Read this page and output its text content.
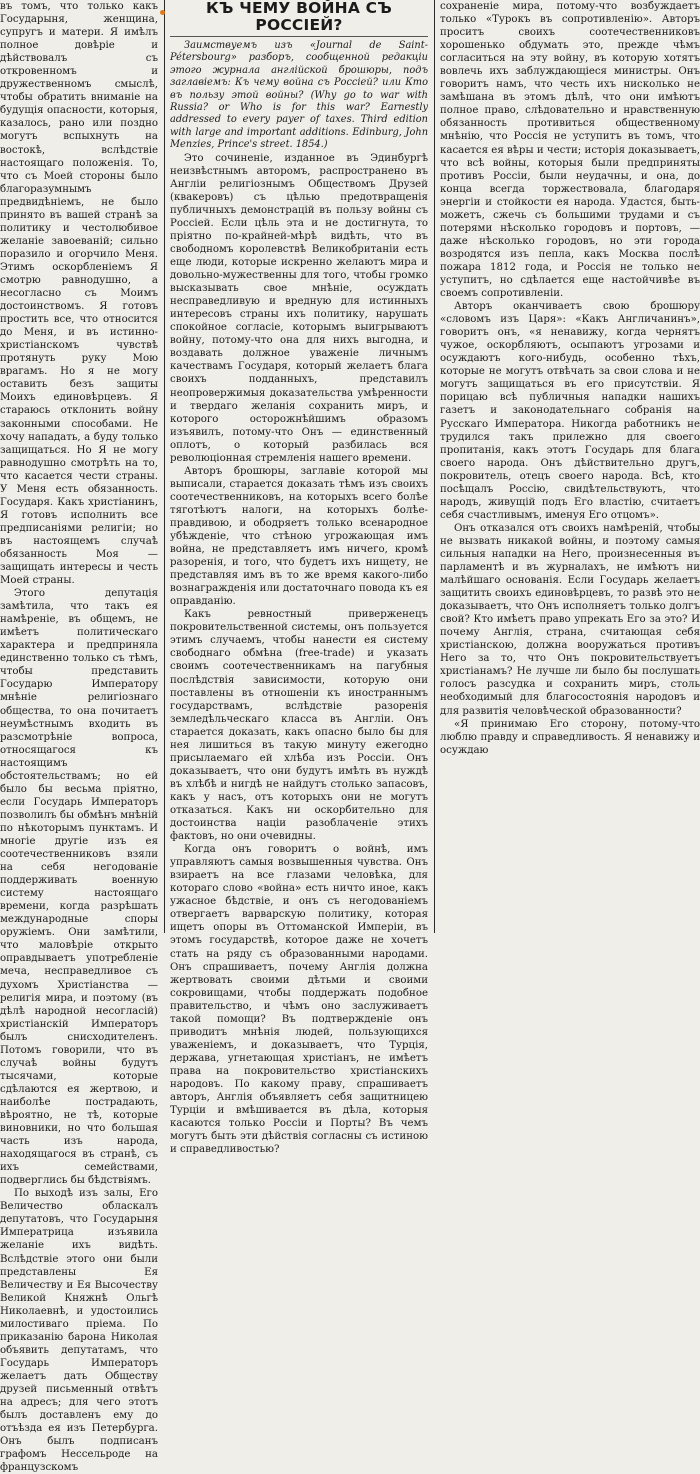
въ томъ, что только какъ Государыня, женщина, супругъ и матери. Я имѣлъ полное довѣріе и дѣйствовалъ съ откровенномъ и дружественномъ смыслѣ, чтобы обратить вниманіе на будущія опасности, которыя, казалось, рано или поздно могутъ вспыхнуть на востокѣ, вслѣдствіе настоящаго положенія. То, что съ Моей стороны было благоразумнымъ предвидѣніемъ, не было принято въ вашей странѣ за политику и честолюбивое желаніе завоеваній; сильно поразило и огорчило Меня. Этимъ оскорбленіемъ Я смотрю равнодушно, а несогласно съ Моимъ достоинствомъ. Я готовъ простить все, что относится до Меня, и въ истинно-христіанскомъ чувствѣ протянуть руку Мою врагамъ. Но я не могу оставить безъ защиты Моихъ единовѣрцевъ. Я стараюсь отклонить войну законными способами. Не хочу нападать, а буду только защищаться. Но Я не могу равнодушно смотрѣть на то, что касается чести страны. У Меня есть обязанность. Государя. Какъ христіанинъ, Я готовъ исполнить все предписаніями религіи; но въ настоящемъ случаѣ обязанность Моя — защищать интересы и честь Моей страны.

Этого депутація замѣтила, что такъ ея намѣреніе, въ общемъ, не имѣетъ политическаго характера и предприняла единственно только съ тѣмъ, чтобы представить Государю Императору мнѣніе религіознаго общества, то она почитаетъ неумѣстнымъ входить въ разсмотрѣніе вопроса, относящагося къ настоящимъ обстоятельствамъ; но ей было бы весьма пріятно, если Государь Императоръ позволилъ бы обмѣнъ мнѣній по нѣкоторымъ пунктамъ. И многіе другіе изъ ея соотечественниковъ взяли на себя негодованіе поддерживать военную систему настоящаго времени, когда разрѣшать международные споры оружіемъ. Они замѣтили, что маловѣріе открыто оправдываетъ употребленіе меча, несправедливое съ духомъ Христіанства — религія мира, и поэтому (въ дѣлѣ народной несогласій) христіанскій Императоръ былъ снисходителенъ. Потомъ говорили, что въ случаѣ войны будутъ тысячами, которые сдѣлаются ея жертвою, и наиболѣе пострадають, вѣроятно, не тѣ, которые виновники, но что большая часть изъ народа, находящагося въ странѣ, съ ихъ семействами, подверглись бы бѣдствіямъ.

По выходѣ изъ залы, Его Величество обласкалъ депутатовъ, что Государыня Императрица изъявила желаніе ихъ видѣть. Вслѣдствіе этого они были представлены Ея Величеству и Ея Высочеству Великой Княжнѣ Ольгѣ Николаевнѣ, и удостоились милостиваго пріема. По приказанію барона Николая объявить депутатамъ, что Государь Императоръ желаетъ дать Обществу друзей письменный отвѣтъ на адресъ; для чего этотъ былъ доставленъ ему до отъѣзда ея изъ Петербурга. Онъ былъ подписанъ графомъ Нессельроде на французскомъ

КЪ ЧЕМУ ВОЙНА СЪ РОССІЕЙ?

Заимствуемъ изъ «Journal de Saint-Pétersbourg» разборъ, сообщенной редакціи этого журнала англійской брошюры, подъ заглавіемъ: Къ чему война съ Россіей? или Кто въ пользу этой войны? (Why go to war with Russia? or Who is for this war? Earnestly addressed to every payer of taxes. Third edition with large and important additions. Edinburg, John Menzies, Prince's street. 1854.)

Это сочиненіе, изданное въ Эдинбургѣ неизвѣстнымъ авторомъ, распространено въ Англіи религіознымъ Обществомъ Друзей (квакеровъ) съ цѣлью предотвращенія публичныхъ демонстрацій въ пользу войны съ Россіей. Если цѣль эта и не достигнута, то пріятно по-крайней-мѣрѣ видѣть, что въ свободномъ королевствѣ Великобританіи есть еще люди, которые искренно желаютъ мира и довольно-мужественны для того, чтобы громко высказывать свое мнѣніе, осуждать несправедливую и вредную для истинныхъ интересовъ страны ихъ политику, нарушать спокойное согласіе, которымъ выигрываютъ войну, потому-что она для нихъ выгодна, и воздавать должное уваженіе личнымъ качествамъ Государя, который желаетъ блага своихъ подданныхъ, представилъ неопровержимыя доказательства умѣренности и твердаго желанія сохранить миръ, и которого осторожнѣйшимъ образомъ изъявилъ, потому-что Онъ — единственный оплотъ, о который разбилась вся революціонная стремленія нашего времени.

Авторъ брошюры, заглавіе которой мы выписали, старается доказать тѣмъ изъ своихъ соотечественниковъ, на которыхъ всего болѣе тяготѣютъ налоги, на которыхъ болѣе-правдивою, и ободряетъ только всенародное убѣжденіе, что стѣною угрожающая имъ война, не представляетъ имъ ничего, кромѣ разоренія, и того, что будетъ ихъ нищету, не представляя имъ въ то же время какого-либо вознагражденія или достаточнаго повода къ ея оправданію.

Какъ ревностный приверженецъ покровительственной системы, онъ пользуется этимъ случаемъ, чтобы нанести ея систему свободнаго обмѣна (free-trade) и указать своимъ соотечественникамъ на пагубныя послѣдствія зависимости, которую они поставлены въ отношеніи къ иностраннымъ государствамъ, вслѣдствіе разоренія земледѣльческаго класса въ Англіи. Онъ старается доказать, какъ опасно было бы для нея лишиться въ такую минуту ежегодно присылаемаго ей хлѣба изъ Россіи. Онъ доказываетъ, что они будутъ имѣть въ нуждѣ въ хлѣбѣ и нигдѣ не найдутъ столько запасовъ, какъ у насъ, отъ которыхъ они не могутъ отказаться. Какъ ни оскорбительно для достоинства націи разоблаченіе этихъ фактовъ, но они очевидны.

Когда онъ говоритъ о войнѣ, имъ управляютъ самыя возвышенныя чувства. Онъ взираетъ на все глазами человѣка, для котораго слово «война» есть ничто иное, какъ ужасное бѣдствіе, и онъ съ негодованіемъ отвергаетъ варварскую политику, которая ищетъ опоры въ Оттоманской Имперіи, въ этомъ государствѣ, которое даже не хочетъ стать на ряду съ образованными народами. Онъ спрашиваетъ, почему Англія должна жертвовать своими дѣтьми и своими сокровищами, чтобы поддержать подобное правительство, и чѣмъ оно заслуживаетъ такой помощи? Въ подтвержденіе онъ приводитъ мнѣнія людей, пользующихся уваженіемъ, и доказываетъ, что Турція, держава, угнетающая христіанъ, не имѣетъ права на покровительство христіанскихъ народовъ. По какому праву, спрашиваетъ авторъ, Англія объявляетъ себя защитницею Турціи и вмѣшивается въ дѣла, которыя касаются только Россіи и Порты? Въ чемъ могутъ быть эти дѣйствія согласны съ истиною и справедливостью?

сохраненіе мира, потому-что возбуждаетъ только «Турокъ въ сопротивленію». Авторъ проситъ своихъ соотечественниковъ хорошенько обдумать это, прежде чѣмъ согласиться на эту войну, въ которую хотятъ вовлечь ихъ заблуждающіеся министры. Онъ говоритъ намъ, что честь ихъ нисколько не замѣшана въ этомъ дѣлѣ, что они имѣютъ полное право, слѣдовательно и нравственную обязанность противиться общественному мнѣнію, что Россія не уступитъ въ томъ, что касается ея вѣры и чести; исторія доказываетъ, что всѣ войны, которыя были предприняты противъ Россіи, были неудачны, и она, до конца всегда торжествовала, благодаря энергіи и стойкости ея народа. Удастся, быть-можетъ, сжечь съ большими трудами и съ потерями нѣсколько городовъ и портовъ, — даже нѣсколько городовъ, но эти города возродятся изъ пепла, какъ Москва послѣ пожара 1812 года, и Россія не только не уступитъ, но сдѣлается еще настойчивѣе въ своемъ сопротивленіи.

Авторъ оканчиваетъ свою брошюру «словомъ изъ Царя»: «Какъ Англичанинъ», говоритъ онъ, «я ненавижу, когда чернятъ чужое, оскорбляютъ, осыпаютъ угрозами и осуждаютъ кого-нибудь, особенно тѣхъ, которые не могутъ отвѣчать за свои слова и не могутъ защищаться въ его присутствіи. Я порицаю всѣ публичныя нападки нашихъ газетъ и законодательнаго собранія на Русскаго Императора. Никогда работникъ не трудился такъ прилежно для своего пропитанія, какъ этотъ Государь для блага своего народа. Онъ дѣйствительно другъ, покровитель, отецъ своего народа. Всѣ, кто посѣщалъ Россію, свидѣтельствуютъ, что народъ, живущій подъ Его властію, считаетъ себя счастливымъ, именуя Его отцомъ».

Онъ отказался отъ своихъ намѣреній, чтобы не вызвать никакой войны, и поэтому самыя сильныя нападки на Него, произнесенныя въ парламентѣ и въ журналахъ, не имѣютъ ни малѣйшаго основанія. Если Государь желаетъ защитить своихъ единовѣрцевъ, то развѣ это не доказываетъ, что Онъ исполняетъ только долгъ свой? Кто имѣетъ право упрекать Его за это? И почему Англія, страна, считающая себя христіанскою, должна вооружаться противъ Него за то, что Онъ покровительствуетъ христіанамъ? Не лучше ли было бы послушать голосъ разсудка и сохранить миръ, столь необходимый для благосостоянія народовъ и для развитія человѣческой образованности?

«Я принимаю Его сторону, потому-что люблю правду и справедливость. Я ненавижу и осуждаю
